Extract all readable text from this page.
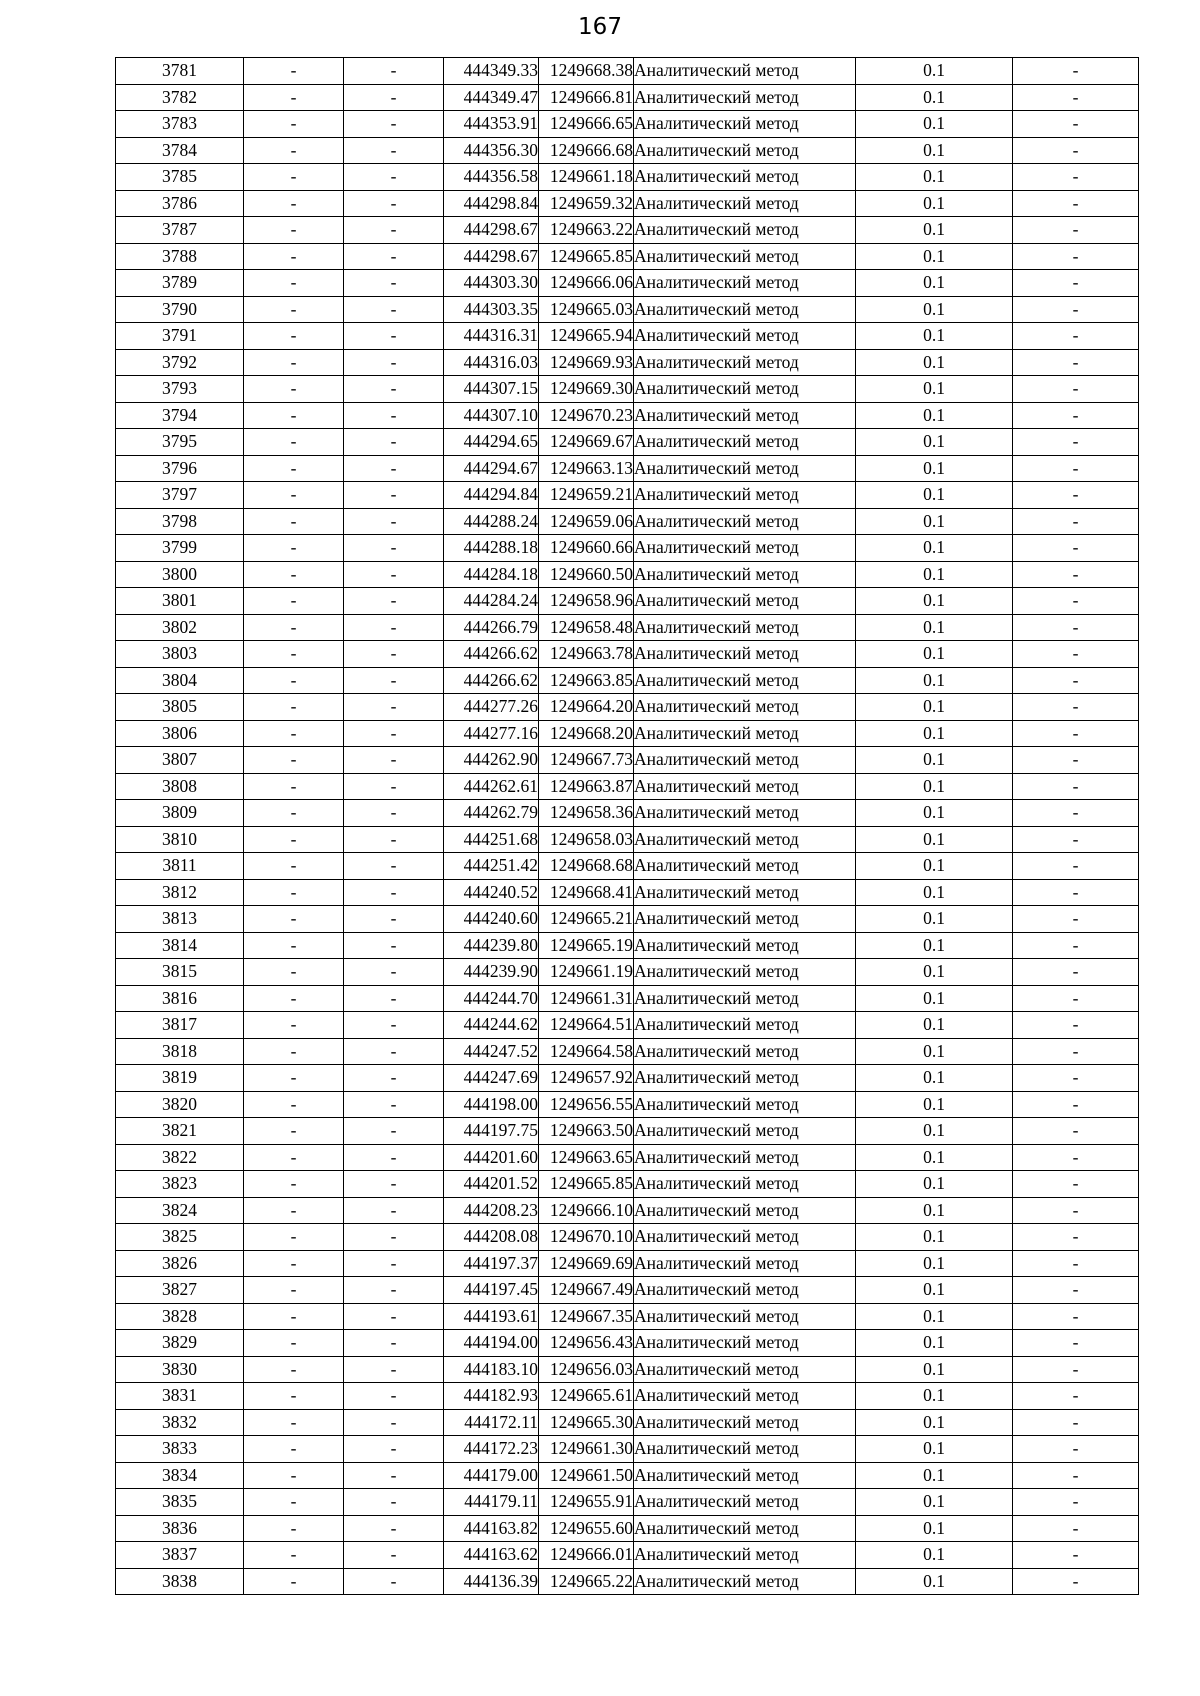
167
3781	-	-	444349.33	1249668.38	Аналитический метод	0.1	-
3782	-	-	444349.47	1249666.81	Аналитический метод	0.1	-
3783	-	-	444353.91	1249666.65	Аналитический метод	0.1	-
3784	-	-	444356.30	1249666.68	Аналитический метод	0.1	-
3785	-	-	444356.58	1249661.18	Аналитический метод	0.1	-
3786	-	-	444298.84	1249659.32	Аналитический метод	0.1	-
3787	-	-	444298.67	1249663.22	Аналитический метод	0.1	-
3788	-	-	444298.67	1249665.85	Аналитический метод	0.1	-
3789	-	-	444303.30	1249666.06	Аналитический метод	0.1	-
3790	-	-	444303.35	1249665.03	Аналитический метод	0.1	-
3791	-	-	444316.31	1249665.94	Аналитический метод	0.1	-
3792	-	-	444316.03	1249669.93	Аналитический метод	0.1	-
3793	-	-	444307.15	1249669.30	Аналитический метод	0.1	-
3794	-	-	444307.10	1249670.23	Аналитический метод	0.1	-
3795	-	-	444294.65	1249669.67	Аналитический метод	0.1	-
3796	-	-	444294.67	1249663.13	Аналитический метод	0.1	-
3797	-	-	444294.84	1249659.21	Аналитический метод	0.1	-
3798	-	-	444288.24	1249659.06	Аналитический метод	0.1	-
3799	-	-	444288.18	1249660.66	Аналитический метод	0.1	-
3800	-	-	444284.18	1249660.50	Аналитический метод	0.1	-
3801	-	-	444284.24	1249658.96	Аналитический метод	0.1	-
3802	-	-	444266.79	1249658.48	Аналитический метод	0.1	-
3803	-	-	444266.62	1249663.78	Аналитический метод	0.1	-
3804	-	-	444266.62	1249663.85	Аналитический метод	0.1	-
3805	-	-	444277.26	1249664.20	Аналитический метод	0.1	-
3806	-	-	444277.16	1249668.20	Аналитический метод	0.1	-
3807	-	-	444262.90	1249667.73	Аналитический метод	0.1	-
3808	-	-	444262.61	1249663.87	Аналитический метод	0.1	-
3809	-	-	444262.79	1249658.36	Аналитический метод	0.1	-
3810	-	-	444251.68	1249658.03	Аналитический метод	0.1	-
3811	-	-	444251.42	1249668.68	Аналитический метод	0.1	-
3812	-	-	444240.52	1249668.41	Аналитический метод	0.1	-
3813	-	-	444240.60	1249665.21	Аналитический метод	0.1	-
3814	-	-	444239.80	1249665.19	Аналитический метод	0.1	-
3815	-	-	444239.90	1249661.19	Аналитический метод	0.1	-
3816	-	-	444244.70	1249661.31	Аналитический метод	0.1	-
3817	-	-	444244.62	1249664.51	Аналитический метод	0.1	-
3818	-	-	444247.52	1249664.58	Аналитический метод	0.1	-
3819	-	-	444247.69	1249657.92	Аналитический метод	0.1	-
3820	-	-	444198.00	1249656.55	Аналитический метод	0.1	-
3821	-	-	444197.75	1249663.50	Аналитический метод	0.1	-
3822	-	-	444201.60	1249663.65	Аналитический метод	0.1	-
3823	-	-	444201.52	1249665.85	Аналитический метод	0.1	-
3824	-	-	444208.23	1249666.10	Аналитический метод	0.1	-
3825	-	-	444208.08	1249670.10	Аналитический метод	0.1	-
3826	-	-	444197.37	1249669.69	Аналитический метод	0.1	-
3827	-	-	444197.45	1249667.49	Аналитический метод	0.1	-
3828	-	-	444193.61	1249667.35	Аналитический метод	0.1	-
3829	-	-	444194.00	1249656.43	Аналитический метод	0.1	-
3830	-	-	444183.10	1249656.03	Аналитический метод	0.1	-
3831	-	-	444182.93	1249665.61	Аналитический метод	0.1	-
3832	-	-	444172.11	1249665.30	Аналитический метод	0.1	-
3833	-	-	444172.23	1249661.30	Аналитический метод	0.1	-
3834	-	-	444179.00	1249661.50	Аналитический метод	0.1	-
3835	-	-	444179.11	1249655.91	Аналитический метод	0.1	-
3836	-	-	444163.82	1249655.60	Аналитический метод	0.1	-
3837	-	-	444163.62	1249666.01	Аналитический метод	0.1	-
3838	-	-	444136.39	1249665.22	Аналитический метод	0.1	-
